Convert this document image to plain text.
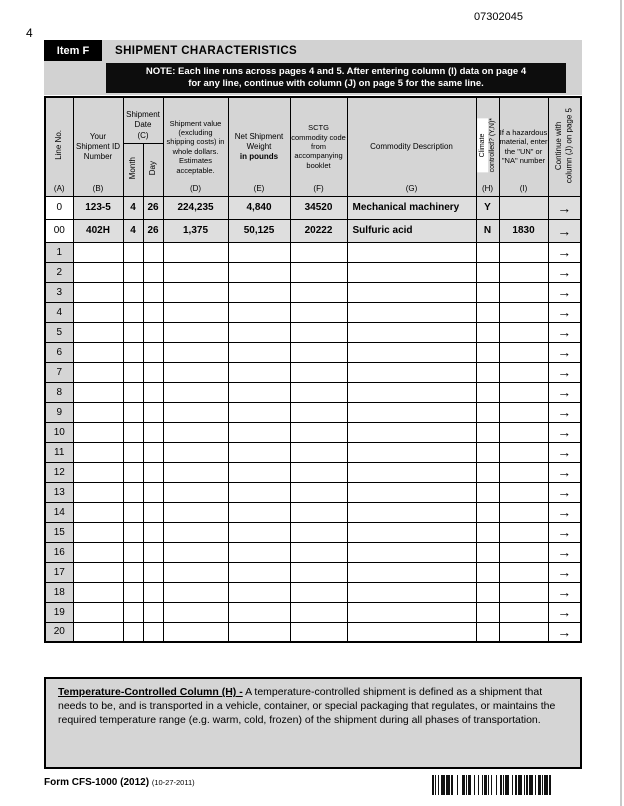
4
07302045
Item F	SHIPMENT CHARACTERISTICS
NOTE: Each line runs across pages 4 and 5. After entering column (I) data on page 4
for any line, continue with column (J) on page 5 for the same line.
Line No.
(A)

Your Shipment ID Number
(B)

Shipment Date
(C)

Shipment value (excluding shipping costs) in whole dollars. Estimates acceptable.
(D)

Net Shipment Weight
in pounds
(E)

SCTG commodity code from accompanying booklet
(F)

Commodity Description
(G)

Climate controlled? (Y,N)*
(H)

If a hazardous material, enter the "UN" or "NA" number
(I)

Continue with column (J) on page 5

		Month	Day							
0	123-5	4	26	224,235	4,840	34520	Mechanical machinery	Y		→
00	402H	4	26	1,375	50,125	20222	Sulfuric acid	N	1830	→
1										→
2										→
3										→
4										→
5										→
6										→
7										→
8										→
9										→
10										→
11										→
12										→
13										→
14										→
15										→
16										→
17										→
18										→
19										→
20										→
Temperature-Controlled Column (H) - A temperature-controlled shipment is defined as a shipment that needs to be, and is transported in a vehicle, container, or special packaging that regulates, or maintains the required temperature range (e.g. warm, cold, frozen) of the shipment during all phases of transportation.
Form CFS-1000 (2012) (10-27-2011)
